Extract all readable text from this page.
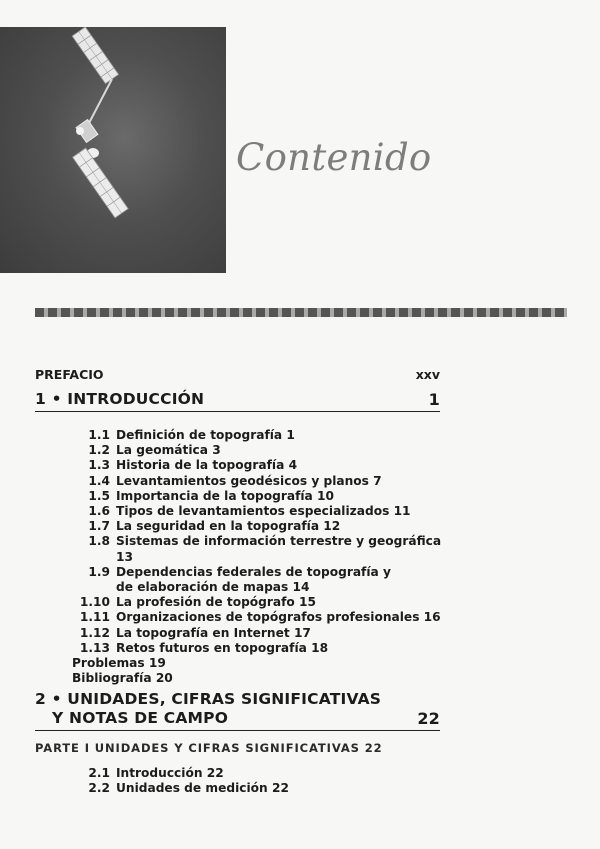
Contenido
PREFACIO	xxv
1 • INTRODUCCIÓN	1
1.1 Definición de topografía 1
1.2 La geomática 3
1.3 Historia de la topografía 4
1.4 Levantamientos geodésicos y planos 7
1.5 Importancia de la topografía 10
1.6 Tipos de levantamientos especializados 11
1.7 La seguridad en la topografía 12
1.8 Sistemas de información terrestre y geográfica 13
1.9 Dependencias federales de topografía y de elaboración de mapas 14
1.10 La profesión de topógrafo 15
1.11 Organizaciones de topógrafos profesionales 16
1.12 La topografía en Internet 17
1.13 Retos futuros en topografía 18
Problemas 19
Bibliografía 20
2 • UNIDADES, CIFRAS SIGNIFICATIVAS
Y NOTAS DE CAMPO	22
PARTE I UNIDADES Y CIFRAS SIGNIFICATIVAS 22
2.1 Introducción 22
2.2 Unidades de medición 22
